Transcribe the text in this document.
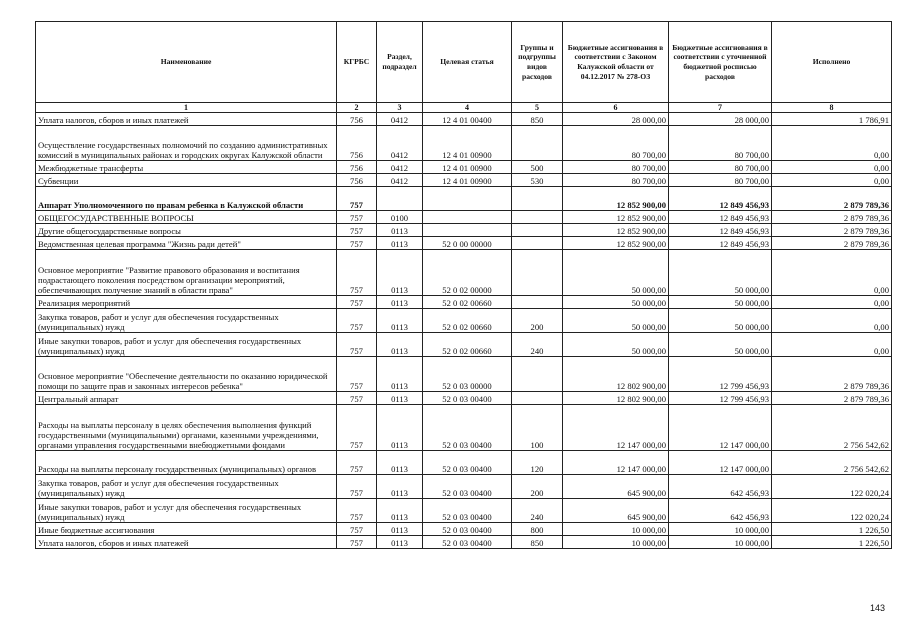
Наименование	КГРБС	Раздел, подраздел	Целевая статья	Группы и подгруппы видов расходов	Бюджетные ассигнования в соответствии с Законом Калужской области от 04.12.2017 № 278-ОЗ	Бюджетные ассигнования в соответствии с уточненной бюджетной росписью расходов	Исполнено
1	2	3	4	5	6	7	8
Уплата налогов, сборов и иных платежей	756	0412	12 4 01 00400	850	28 000,00	28 000,00	1 786,91
Осуществление государственных полномочий по созданию административных комиссий в муниципальных районах и городских округах Калужской области	756	0412	12 4 01 00900		80 700,00	80 700,00	0,00
Межбюджетные трансферты	756	0412	12 4 01 00900	500	80 700,00	80 700,00	0,00
Субвенции	756	0412	12 4 01 00900	530	80 700,00	80 700,00	0,00
Аппарат Уполномоченного по правам ребенка в Калужской области	757				12 852 900,00	12 849 456,93	2 879 789,36
ОБЩЕГОСУДАРСТВЕННЫЕ ВОПРОСЫ	757	0100			12 852 900,00	12 849 456,93	2 879 789,36
Другие общегосударственные вопросы	757	0113			12 852 900,00	12 849 456,93	2 879 789,36
Ведомственная целевая программа "Жизнь ради детей"	757	0113	52 0 00 00000		12 852 900,00	12 849 456,93	2 879 789,36
Основное мероприятие "Развитие правового образования и воспитания подрастающего поколения посредством организации мероприятий, обеспечивающих получение знаний в области права"	757	0113	52 0 02 00000		50 000,00	50 000,00	0,00
Реализация мероприятий	757	0113	52 0 02 00660		50 000,00	50 000,00	0,00
Закупка товаров, работ и услуг для обеспечения государственных (муниципальных) нужд	757	0113	52 0 02 00660	200	50 000,00	50 000,00	0,00
Иные закупки товаров, работ и услуг для обеспечения государственных (муниципальных) нужд	757	0113	52 0 02 00660	240	50 000,00	50 000,00	0,00
Основное мероприятие "Обеспечение деятельности по оказанию юридической помощи по защите прав и законных интересов ребенка"	757	0113	52 0 03 00000		12 802 900,00	12 799 456,93	2 879 789,36
Центральный аппарат	757	0113	52 0 03 00400		12 802 900,00	12 799 456,93	2 879 789,36
Расходы на выплаты персоналу в целях обеспечения выполнения функций государственными (муниципальными) органами, казенными учреждениями, органами управления государственными внебюджетными фондами	757	0113	52 0 03 00400	100	12 147 000,00	12 147 000,00	2 756 542,62
Расходы на выплаты персоналу государственных (муниципальных) органов	757	0113	52 0 03 00400	120	12 147 000,00	12 147 000,00	2 756 542,62
Закупка товаров, работ и услуг для обеспечения государственных (муниципальных) нужд	757	0113	52 0 03 00400	200	645 900,00	642 456,93	122 020,24
Иные закупки товаров, работ и услуг для обеспечения государственных (муниципальных) нужд	757	0113	52 0 03 00400	240	645 900,00	642 456,93	122 020,24
Иные бюджетные ассигнования	757	0113	52 0 03 00400	800	10 000,00	10 000,00	1 226,50
Уплата налогов, сборов и иных платежей	757	0113	52 0 03 00400	850	10 000,00	10 000,00	1 226,50
143
